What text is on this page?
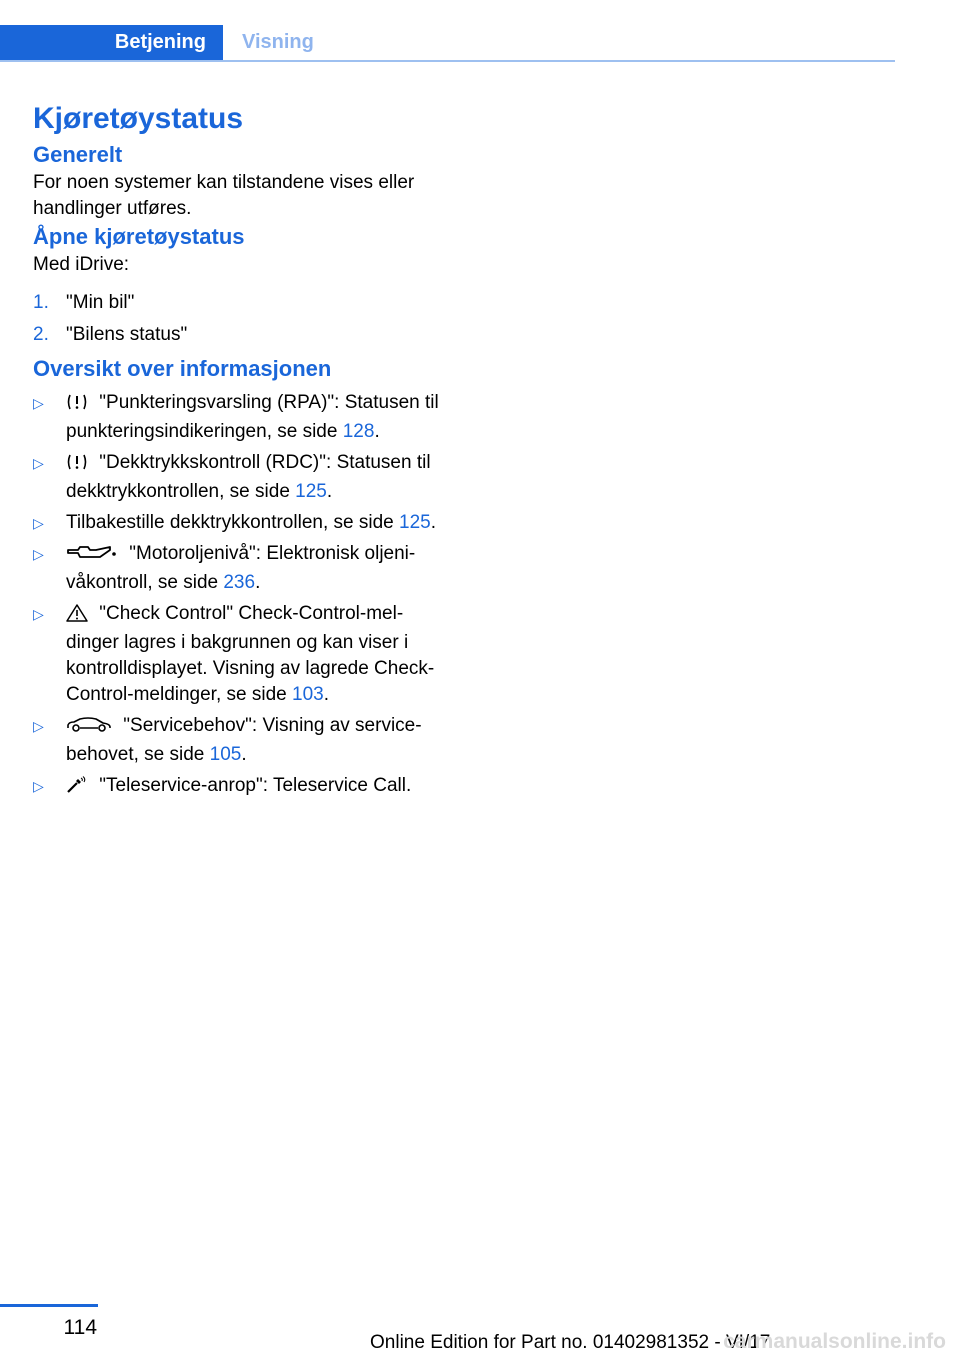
Betjening	Visning
Kjøretøystatus
Generelt

For noen systemer kan tilstandene vises eller handlinger utføres.

Åpne kjøretøystatus

Med iDrive:

1. "Min bil"
2. "Bilens status"
Oversikt over informasjonen
▷	"Punkteringsvarsling (RPA)": Statusen til punkteringsindikeringen, se side 128.
▷	"Dekktrykkskontroll (RDC)": Statusen til dekktrykkontrollen, se side 125.
▷	Tilbakestille dekktrykkontrollen, se side 125.
▷	"Motoroljenivå": Elektronisk oljenivåkontroll, se side 236.
▷	"Check Control" Check-Control-meldinger lagres i bakgrunnen og kan viser i kontrolldisplayet. Visning av lagrede Check-Control-meldinger, se side 103.
▷	"Servicebehov": Visning av servicebehovet, se side 105.
▷	"Teleservice-anrop": Teleservice Call.
114
Online Edition for Part no. 01402981352 - VI/17
carmanualsonline.info
